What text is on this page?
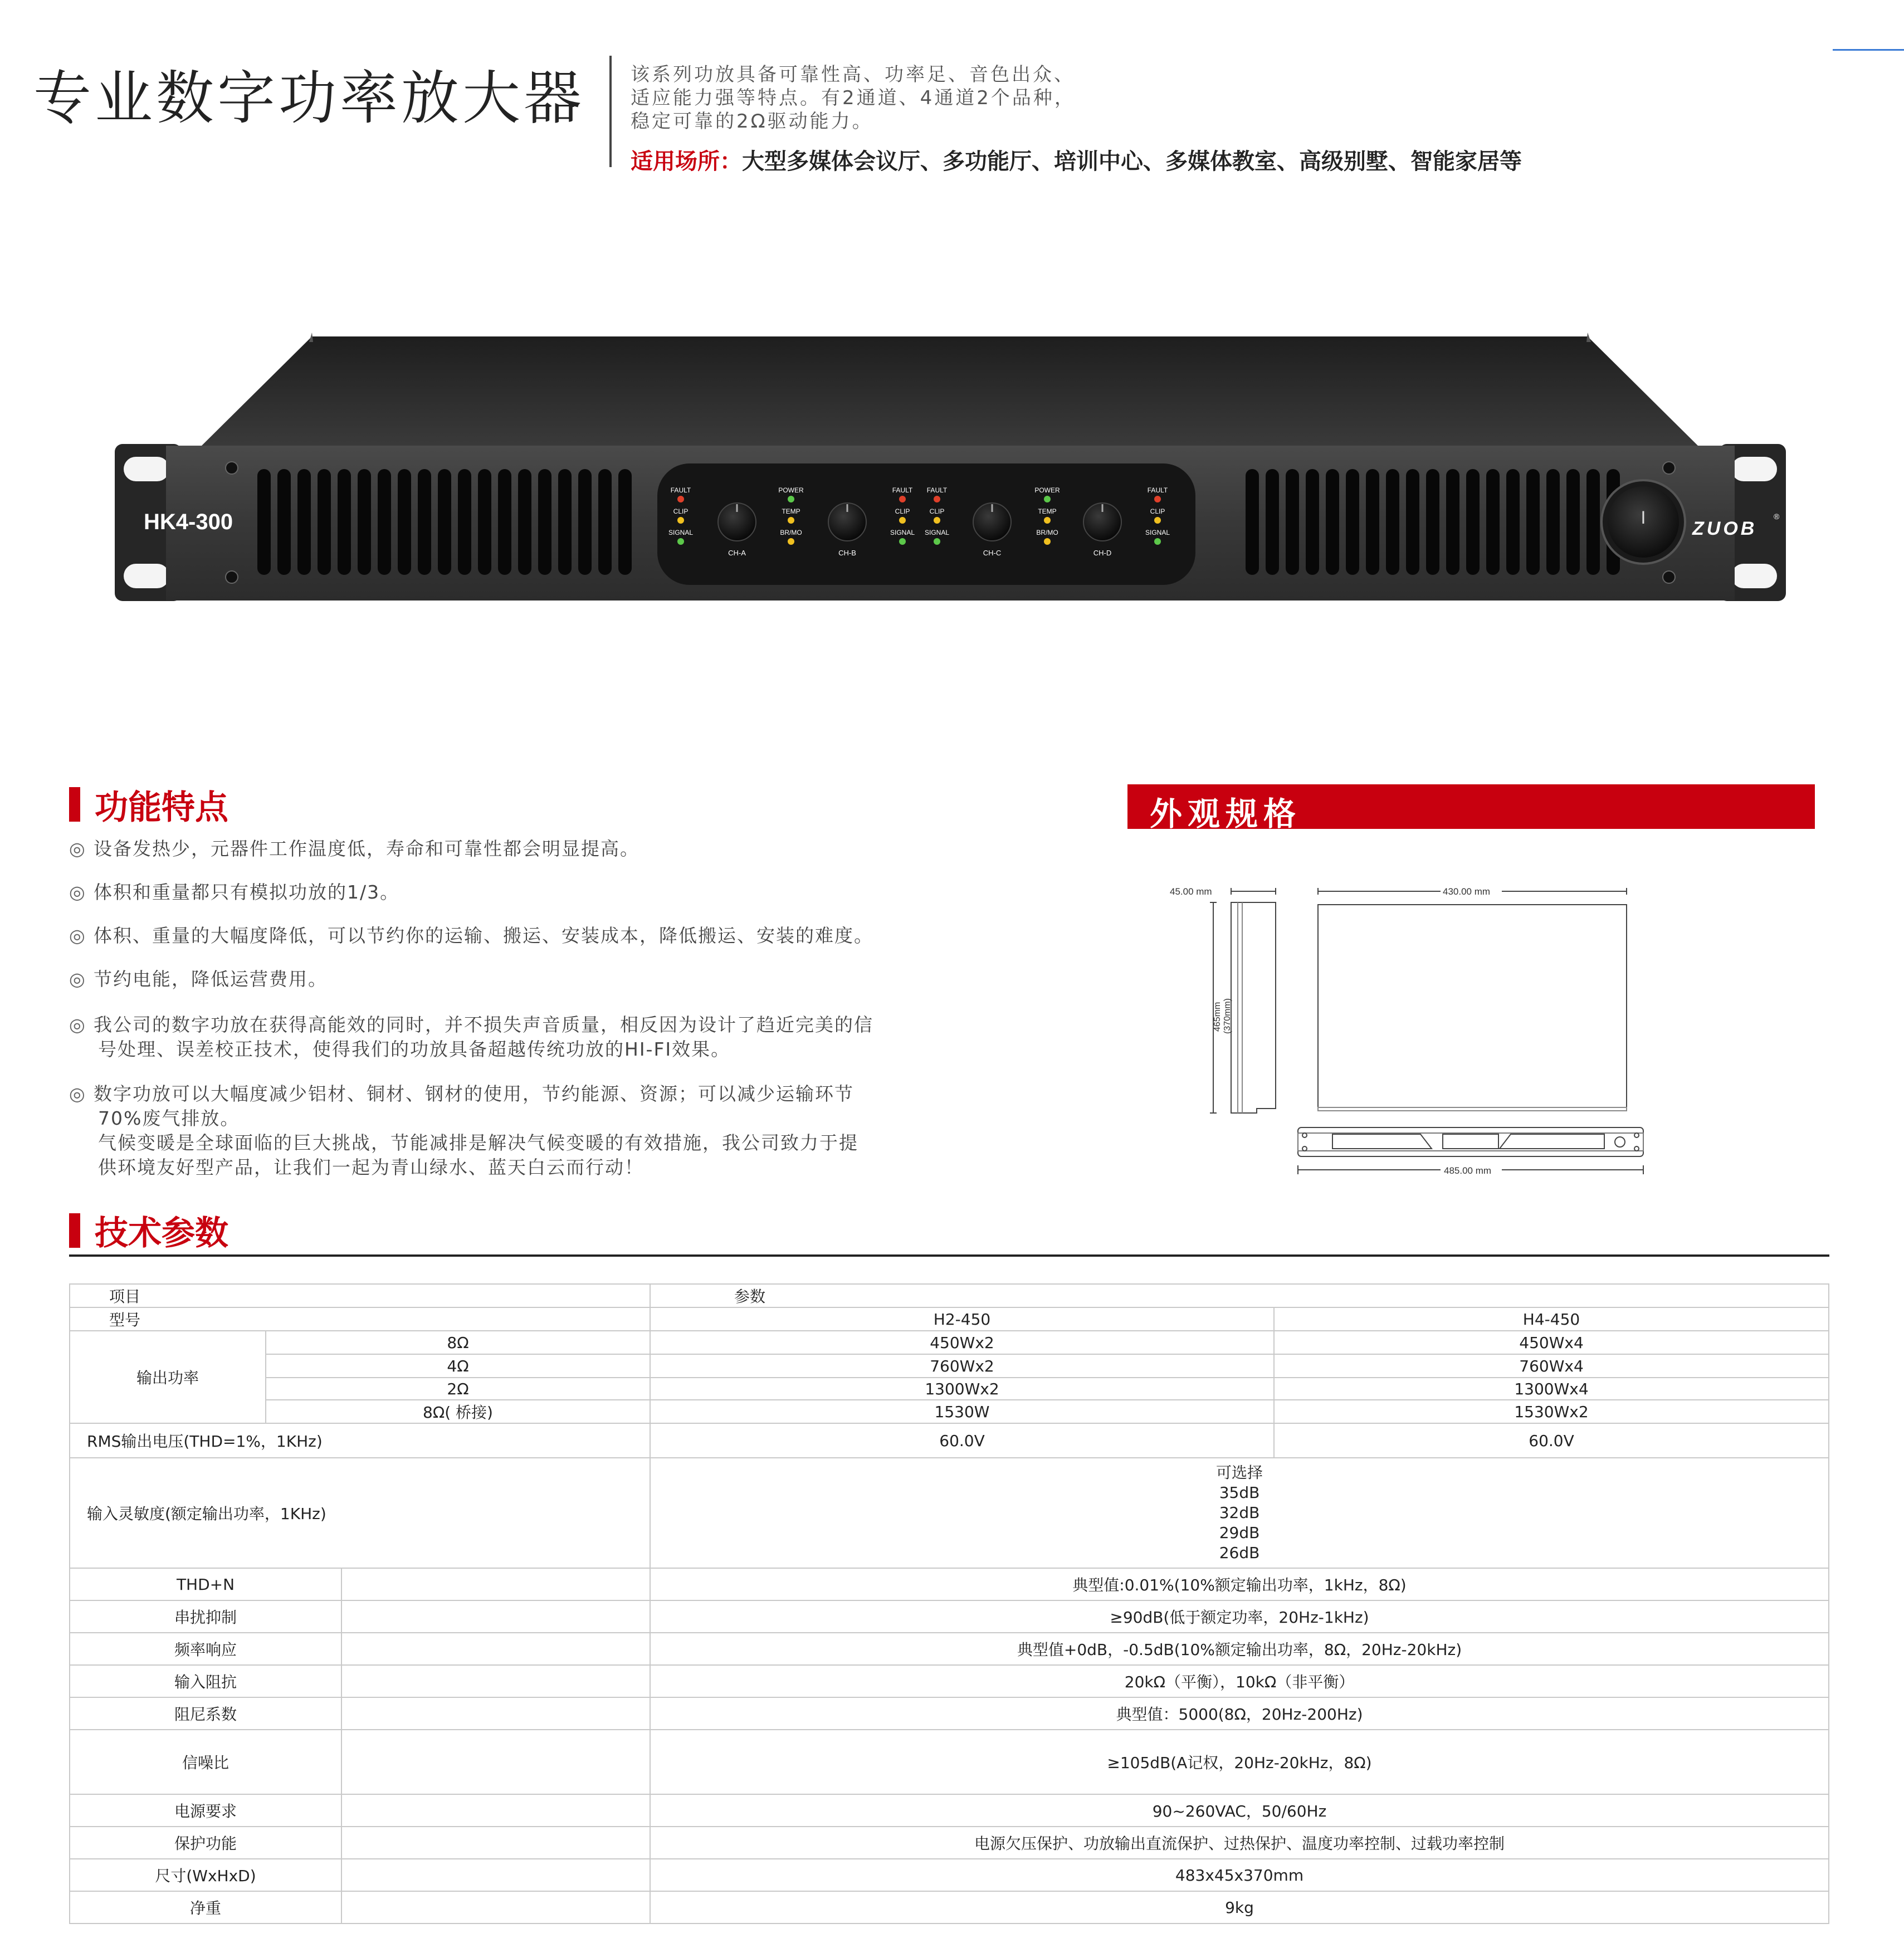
专业数字功率放大器 该系列功放具备可靠性高、功率足、音色出众、
适应能力强等特点。有2通道、4通道2个品种，
稳定可靠的2Ω驱动能力。
适用场所：大型多媒体会议厅、多功能厅、培训中心、多媒体教室、高级别墅、智能家居等
HK4-300
FAULT
CLIP
SIGNAL
POWER
TEMP
BR/MO
FAULT
CLIP
SIGNAL
FAULT
CLIP
SIGNAL
POWER
TEMP
BR/MO
FAULT
CLIP
SIGNAL
CH-A	CH-B	CH-C	CH-D
I
ZUOB
®
功能特点
◎ 设备发热少，元器件工作温度低，寿命和可靠性都会明显提高。
◎ 体积和重量都只有模拟功放的1/3。
◎ 体积、重量的大幅度降低，可以节约你的运输、搬运、安装成本，降低搬运、安装的难度。
◎ 节约电能，降低运营费用。
◎ 我公司的数字功放在获得高能效的同时，并不损失声音质量，相反因为设计了趋近完美的信
号处理、误差校正技术，使得我们的功放具备超越传统功放的HI-FI效果。
◎ 数字功放可以大幅度减少铝材、铜材、钢材的使用，节约能源、资源；可以减少运输环节
70%废气排放。
气候变暖是全球面临的巨大挑战，节能减排是解决气候变暖的有效措施，我公司致力于提
供环境友好型产品，让我们一起为青山绿水、蓝天白云而行动！
外观规格
45.00 mm	430.00 mm
465mm (370mm)
485.00 mm
技术参数
项目			参数	
型号			H2-450	H4-450
输出功率	8Ω		450Wx2	450Wx4
	4Ω		760Wx2	760Wx4
	2Ω		1300Wx2	1300Wx4
	8Ω( 桥接)		1530W	1530Wx2
RMS输出电压(THD=1%，1KHz)			60.0V	60.0V
输入灵敏度(额定输出功率，1KHz)			可选择
35dB
32dB
29dB
26dB	

THD+N			典型值:0.01%(10%额定输出功率，1kHz，8Ω)	
串扰抑制			≥90dB(低于额定功率，20Hz-1kHz)	
频率响应			典型值+0dB，-0.5dB(10%额定输出功率，8Ω，20Hz-20kHz)	
输入阻抗			20kΩ（平衡），10kΩ（非平衡）	
阻尼系数			典型值：5000(8Ω，20Hz-200Hz)	
信噪比			≥105dB(A记权，20Hz-20kHz，8Ω)	
电源要求			90~260VAC，50/60Hz	
保护功能			电源欠压保护、功放输出直流保护、过热保护、温度功率控制、过载功率控制	
尺寸(WxHxD)			483x45x370mm	
净重			9kg	
